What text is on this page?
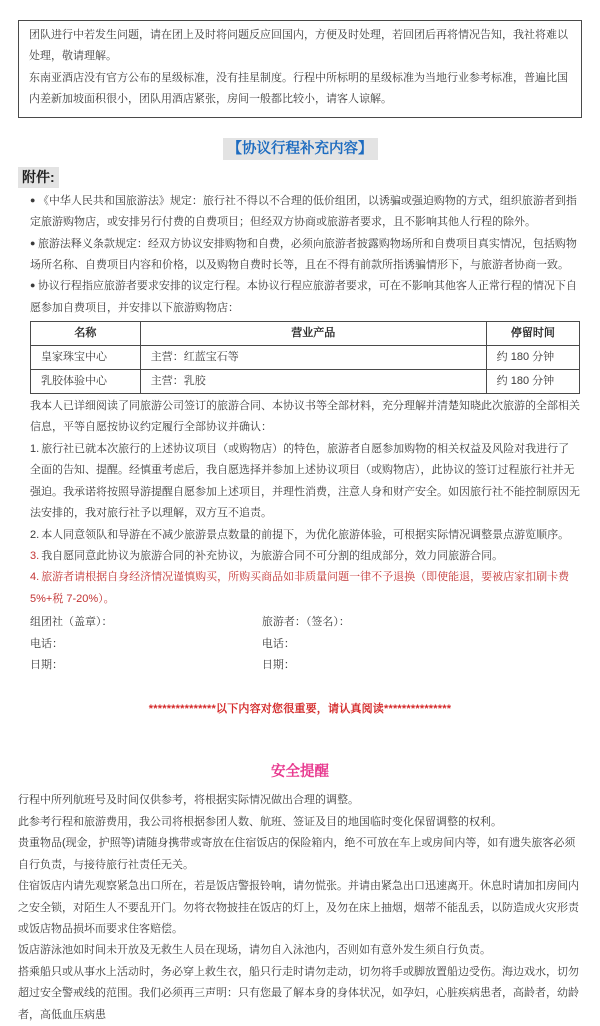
团队进行中若发生问题，请在团上及时将问题反应回国内，方便及时处理，若回团后再将情况告知，我社将难以处理，敬请理解。

东南亚酒店没有官方公布的星级标准，没有挂星制度。行程中所标明的星级标准为当地行业参考标准，普遍比国内差新加坡面积很小，团队用酒店紧张，房间一般都比较小，请客人谅解。

【协议行程补充内容】
附件:

● 《中华人民共和国旅游法》规定：旅行社不得以不合理的低价组团，以诱骗或强迫购物的方式，组织旅游者到指定旅游购物店，或安排另行付费的自费项目；但经双方协商或旅游者要求，且不影响其他人行程的除外。

● 旅游法释义条款规定：经双方协议安排购物和自费，必须向旅游者披露购物场所和自费项目真实情况，包括购物场所名称、自费项目内容和价格，以及购物自费时长等，且在不得有前款所指诱骗情形下，与旅游者协商一致。

● 协议行程指应旅游者要求安排的议定行程。本协议行程应旅游者要求，可在不影响其他客人正常行程的情况下自愿参加自费项目，并安排以下旅游购物店：

名称	营业产品	停留时间
皇家珠宝中心	主营：红蓝宝石等	约 180 分钟
乳胶体验中心	主营：乳胶	约 180 分钟

我本人已详细阅读了同旅游公司签订的旅游合同、本协议书等全部材料，充分理解并清楚知晓此次旅游的全部相关信息，平等自愿按协议约定履行全部协议并确认：

1. 旅行社已就本次旅行的上述协议项目（或购物店）的特色，旅游者自愿参加购物的相关权益及风险对我进行了全面的告知、提醒。经慎重考虑后，我自愿选择并参加上述协议项目（或购物店），此协议的签订过程旅行社并无强迫。我承诺将按照导游提醒自愿参加上述项目，并理性消费，注意人身和财产安全。如因旅行社不能控制原因无法安排的，我对旅行社予以理解，双方互不追责。

2. 本人同意领队和导游在不减少旅游景点数量的前提下，为优化旅游体验，可根据实际情况调整景点游览顺序。

3. 我自愿同意此协议为旅游合同的补充协议，为旅游合同不可分割的组成部分，效力同旅游合同。

4. 旅游者请根据自身经济情况谨慎购买，所购买商品如非质量问题一律不予退换（即使能退，要被店家扣刷卡费 5%+税 7-20%）。

组团社（盖章）：	旅游者：（签名）：
电话：	电话：
日期：	日期：
***************以下内容对您很重要，请认真阅读***************
安全提醒

行程中所列航班号及时间仅供参考，将根据实际情况做出合理的调整。

此参考行程和旅游费用，我公司将根据参团人数、航班、签证及目的地国临时变化保留调整的权利。

贵重物品(现金，护照等)请随身携带或寄放在住宿饭店的保险箱内，绝不可放在车上或房间内等，如有遗失旅客必须自行负责，与接待旅行社责任无关。

住宿饭店内请先观察紧急出口所在，若是饭店警报铃响，请勿慌张。并请由紧急出口迅速离开。休息时请加扣房间内之安全锁，对陌生人不要乱开门。勿将衣物披挂在饭店的灯上，及勿在床上抽烟，烟蒂不能乱丢，以防造成火灾形责或饭店物品损坏而要求住客赔偿。

饭店游泳池如时间未开放及无救生人员在现场，请勿自入泳池内，否则如有意外发生须自行负责。

搭乘船只或从事水上活动时，务必穿上救生衣，船只行走时请勿走动，切勿将手或脚放置船边受伤。海边戏水，切勿超过安全警戒线的范围。我们必须再三声明：只有您最了解本身的身体状况，如孕妇，心脏疾病患者，高龄者，幼龄者，高低血压病患
